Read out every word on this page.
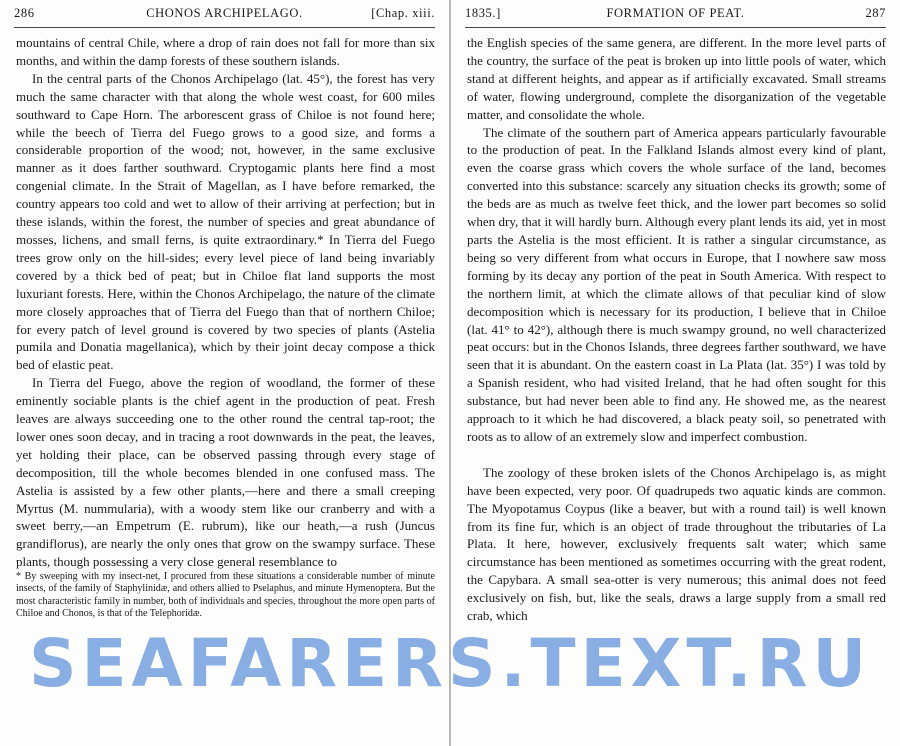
286	CHONOS ARCHIPELAGO.	[Chap. xiii.

mountains of central Chile, where a drop of rain does not fall for more than six months, and within the damp forests of these southern islands.

In the central parts of the Chonos Archipelago (lat. 45°), the forest has very much the same character with that along the whole west coast, for 600 miles southward to Cape Horn. The arborescent grass of Chiloe is not found here; while the beech of Tierra del Fuego grows to a good size, and forms a considerable proportion of the wood; not, however, in the same exclusive manner as it does farther southward. Cryptogamic plants here find a most congenial climate. In the Strait of Magellan, as I have before remarked, the country appears too cold and wet to allow of their arriving at perfection; but in these islands, within the forest, the number of species and great abundance of mosses, lichens, and small ferns, is quite extraordinary.* In Tierra del Fuego trees grow only on the hill-sides; every level piece of land being invariably covered by a thick bed of peat; but in Chiloe flat land supports the most luxuriant forests. Here, within the Chonos Archipelago, the nature of the climate more closely approaches that of Tierra del Fuego than that of northern Chiloe; for every patch of level ground is covered by two species of plants (Astelia pumila and Donatia magellanica), which by their joint decay compose a thick bed of elastic peat.

In Tierra del Fuego, above the region of woodland, the former of these eminently sociable plants is the chief agent in the production of peat. Fresh leaves are always succeeding one to the other round the central tap-root; the lower ones soon decay, and in tracing a root downwards in the peat, the leaves, yet holding their place, can be observed passing through every stage of decomposition, till the whole becomes blended in one confused mass. The Astelia is assisted by a few other plants,—here and there a small creeping Myrtus (M. nummularia), with a woody stem like our cranberry and with a sweet berry,—an Empetrum (E. rubrum), like our heath,—a rush (Juncus grandiflorus), are nearly the only ones that grow on the swampy surface. These plants, though possessing a very close general resemblance to

* By sweeping with my insect-net, I procured from these situations a considerable number of minute insects, of the family of Staphylinidæ, and others allied to Pselaphus, and minute Hymenoptera. But the most characteristic family in number, both of individuals and species, throughout the more open parts of Chiloe and Chonos, is that of the Telephoridæ.

1835.]	FORMATION OF PEAT.	287

the English species of the same genera, are different. In the more level parts of the country, the surface of the peat is broken up into little pools of water, which stand at different heights, and appear as if artificially excavated. Small streams of water, flowing underground, complete the disorganization of the vegetable matter, and consolidate the whole.

The climate of the southern part of America appears particularly favourable to the production of peat. In the Falkland Islands almost every kind of plant, even the coarse grass which covers the whole surface of the land, becomes converted into this substance: scarcely any situation checks its growth; some of the beds are as much as twelve feet thick, and the lower part becomes so solid when dry, that it will hardly burn. Although every plant lends its aid, yet in most parts the Astelia is the most efficient. It is rather a singular circumstance, as being so very different from what occurs in Europe, that I nowhere saw moss forming by its decay any portion of the peat in South America. With respect to the northern limit, at which the climate allows of that peculiar kind of slow decomposition which is necessary for its production, I believe that in Chiloe (lat. 41° to 42°), although there is much swampy ground, no well characterized peat occurs: but in the Chonos Islands, three degrees farther southward, we have seen that it is abundant. On the eastern coast in La Plata (lat. 35°) I was told by a Spanish resident, who had visited Ireland, that he had often sought for this substance, but had never been able to find any. He showed me, as the nearest approach to it which he had discovered, a black peaty soil, so penetrated with roots as to allow of an extremely slow and imperfect combustion.

The zoology of these broken islets of the Chonos Archipelago is, as might have been expected, very poor. Of quadrupeds two aquatic kinds are common. The Myopotamus Coypus (like a beaver, but with a round tail) is well known from its fine fur, which is an object of trade throughout the tributaries of La Plata. It here, however, exclusively frequents salt water; which same circumstance has been mentioned as sometimes occurring with the great rodent, the Capybara. A small sea-otter is very numerous; this animal does not feed exclusively on fish, but, like the seals, draws a large supply from a small red crab, which

SEAFARERS.TEXT.RU
